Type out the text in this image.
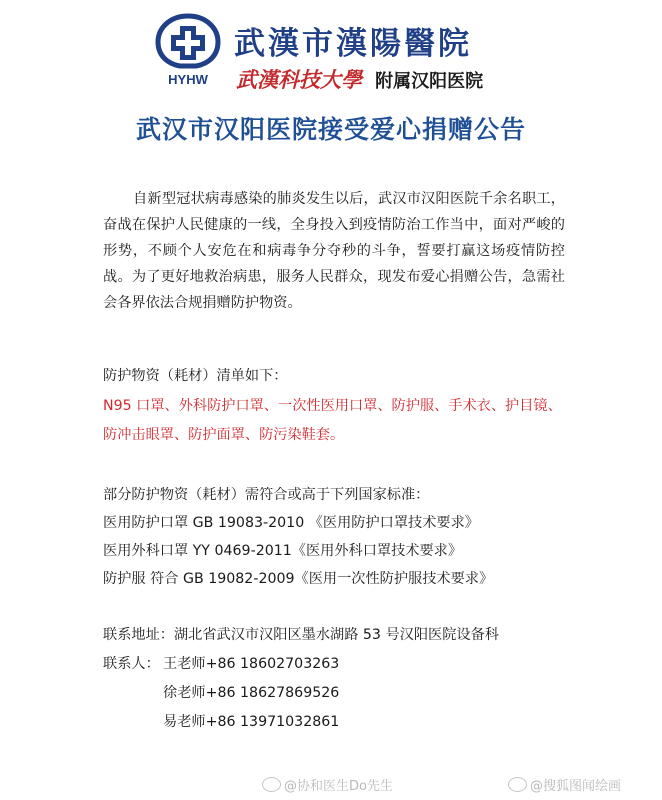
HYHW
武漢市漢陽醫院
武漢科技大學 附属汉阳医院
武汉市汉阳医院接受爱心捐赠公告
自新型冠状病毒感染的肺炎发生以后，武汉市汉阳医院千余名职工，奋战在保护人民健康的一线，全身投入到疫情防治工作当中，面对严峻的形势，不顾个人安危在和病毒争分夺秒的斗争，誓要打赢这场疫情防控战。为了更好地救治病患，服务人民群众，现发布爱心捐赠公告，急需社会各界依法合规捐赠防护物资。
防护物资（耗材）清单如下：
N95 口罩、外科防护口罩、一次性医用口罩、防护服、手术衣、护目镜、防冲击眼罩、防护面罩、防污染鞋套。
部分防护物资（耗材）需符合或高于下列国家标准：
医用防护口罩 GB 19083-2010 《医用防护口罩技术要求》
医用外科口罩 YY 0469-2011《医用外科口罩技术要求》
防护服 符合 GB 19082-2009《医用一次性防护服技术要求》
联系地址：湖北省武汉市汉阳区墨水湖路 53 号汉阳医院设备科
联系人： 王老师+86 18602703263
徐老师+86 18627869526
易老师+86 13971032861
@协和医生Do先生	@搜狐图闻绘画
